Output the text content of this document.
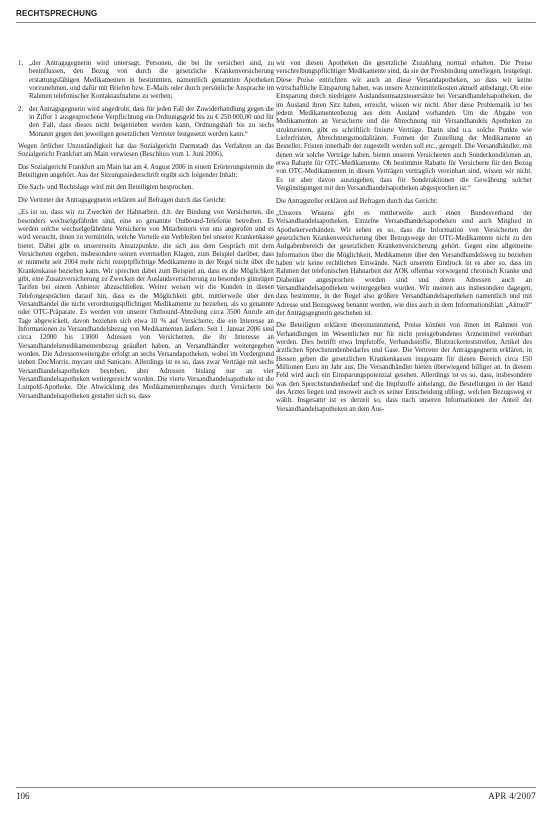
RECHTSPRECHUNG
1. „der Antragsgegnerin wird untersagt, Personen, die bei ihr versichert sind, zu beeinflussen, den Bezug von durch die gesetzliche Krankenversicherung erstattungsfähigen Medikamenten in bestimmten, namentlich genannten Apotheken vorzunehmen, und dafür mit Briefen bzw. E-Mails oder durch persönliche Ansprache im Rahmen telefonischer Kontaktaufnahme zu werben;
2. der Antragsgegnerin wird angedroht, dass für jeden Fall der Zuwiderhandlung gegen die in Ziffer 1 ausgesprochene Verpflichtung ein Ordnungsgeld bis zu € 250.000,00 und für den Fall, dass dieses nicht beigetrieben werden kann, Ordnungshaft bis zu sechs Monaten gegen den jeweiligen gesetzlichen Vertreter festgesetzt werden kann.“

Wegen örtlicher Unzuständigkeit hat das Sozialgericht Darmstadt das Verfahren an das Sozialgericht Frankfurt am Main verwiesen (Beschluss vom 1. Juni 2006).

Das Sozialgericht Frankfurt am Main hat am 4. August 2006 in einem Erörterungstermin die Beteiligten angehört. Aus der Sitzungsniederschrift ergibt sich folgender Inhalt:

Die Sach- und Rechtslage wird mit den Beteiligten besprochen.

Die Vertreter der Antragsgegnerin erklären auf Befragen durch das Gericht:

„Es ist so, dass wir zu Zwecken der Hahnarbeit, d.h. der Bindung von Versicherten, die besonders wechselgefährdet sind, eine so genannte Outbound-Telefonie betreiben. Es werden solche wechselgefährdete Versicherte von Mitarbeitern von uns angerufen und es wird versucht, ihnen zu vermitteln, welche Vorteile ein Verbleiben bei unserer Krankenkasse bietet. Dabei gibt es unsererseits Ansatzpunkte, die sich aus dem Gespräch mit dem Versicherten ergeben, insbesondere seinen eventuellen Klagen, zum Beispiel darüber, dass er nunmehr seit 2004 mehr nicht rezeptpflichtige Medikamente in der Regel nicht über die Krankenkasse beziehen kann. Wir sprechen dabei zum Beispiel an, dass es die Möglichkeit gibt, eine Zusatzversicherung zu Zwecken der Auslandsversicherung zu besonders günstigen Tarifen bei einem Anbieter abzuschließen. Weiter weisen wir die Kunden in diesen Telefongesprächen darauf hin, dass es die Möglichkeit gibt, mittlerweile über den Versandhandel die nicht verordnungspflichtigen Medikamente zu beziehen, als so genannte oder OTC-Präparate. Es werden von unserer Outbound-Abteilung circa 3500 Anrufe am Tage abgewickelt, davon beziehen sich etwa 10 % auf Versicherte, die ein Interesse an Informationen zu Versandhandelsbezug von Medikamenten äußern. Seit 1. Januar 2006 sind circa 12000 bis 13000 Adressen von Versicherten, die ihr Interesse an Versandhandelsmedikamentenbezug geäußert haben, an Versandhändler weitergegeben worden. Die Adressenweitergabe erfolgt an sechs Versandapotheken, wobei im Vordergrund stehen DocMorris, mycare und Sanicare. Allerdings ist es so, dass zwar Verträge mit sechs Versandhandelsapotheken bestehen, aber Adressen bislang nur an vier Versandhandelsapotheken weitergereicht worden. Die vierte Versandhandelsapotheke ist die Luitpold-Apotheke. Die Abwicklung des Medikamentenbezuges durch Versicherte bei Versandhandelsapotheken gestaltet sich so, dass

wir von diesen Apotheken die gesetzliche Zuzahlung normal erhalten. Die Preise verschreibungspflichtiger Medikamente sind, da sie der Preisbindung unterliegen, festgelegt. Diese Preise entrichten wir auch an diese Versandapotheken, so dass wir keine wirtschaftliche Einsparung haben, was unsere Arzneimittelkosten aktuell anbelangt. Ob eine Einsparung durch niedrigere Auslandsumsatzsteuersätze bei Versandhandelsapotheken, die im Ausland ihren Sitz haben, erreicht, wissen wir nicht. Aber diese Problematik ist bei jedem Medikamentenbezug aus dem Ausland vorhanden. Um die Abgabe von Medikamenten an Versicherte und die Abrechnung mit Versandhandels Apotheken zu strukturieren, gibt es schriftlich fixierte Verträge. Darin sind u.a. solche Punkte wie Lieferfristen, Abrechnungsmodalitäten, Formen der Zustellung der Medikamente an Besteller, Fristen innerhalb der zugestellt werden soll etc., geregelt. Die Versandhändler, mit denen wir solche Verträge haben, bieten unseren Versicherten auch Sonderkonditionen an, etwa Rabatte für OTC-Medikamente. Ob bestimmte Rabatte für Versicherte für den Bezug von OTC-Medikamenten in diesen Verträgen vertraglich vereinbart sind, wissen wir nicht. Es ist aber davon auszugehen, dass für Sonderaktionen die Gewährung solcher Vergünstigungen mit den Versandhandelsapotheken abgesprochen ist.“

Die Antragsteller erklären auf Befragen durch das Gericht:

„Unseres Wissens gibt es mittlerweile auch einen Bundesverband der Versandhandelsapotheken. Einzelne Versandhandelsapotheken sind auch Mitglied in Apothekerverbänden. Wir sehen es so, dass die Information von Versicherten der gesetzlichen Krankenversicherung über Bezugswege der OTC-Medikamente nicht zu den Aufgabenbereich der gesetzlichen Krankenversicherung gehört. Gegen eine allgemeine Information über die Möglichkeit, Medikamente über den Versandhandelsweg zu beziehen haben wir keine rechtlichen Einwände. Nach unserem Eindruck ist es aber so, dass im Rahmen der telefonischen Hahnarbeit der AOK offenbar vorwiegend chronisch Kranke und Diabetiker angesprochen worden sind und deren Adressen auch an Versandhandelsapotheken weitergegeben wurden. Wir meinen aus insbesondere dagegen, dass bestimmte, in der Regel also größere Versandhandelsapotheken namentlich und mit Adresse und Bezugsweg benannt werden, wie dies auch in dem Informationsblatt „Aktuell“ der Antragsgegnerin geschehen ist.

Die Beteiligten erklären übereinstimmend, Preise können von ihnen im Rahmen von Verhandlungen im Wesentlichen nur für nicht preisgebundenes Arzneimittel vereinbart werden. Dies betrifft etwa Impfstoffe, Verbandsstoffe, Blutzuckerteststreifen, Artikel des ärztlichen Sprechstundenbedarfes und Gase. Die Vertreter der Antragsgegnerin erklären, in Hessen geben die gesetzlichen Krankenkassen insgesamt für diesen Bereich circa 150 Millionen Euro im Jahr aus. Die Versandhändler bieten überwiegend billiger an. In diesem Feld wird auch ein Einsparungspotenzial gesehen. Allerdings ist es so, dass, insbesondere was den Sprechstundenbedarf und die Impfstoffe anbelangt, die Bestellungen in der Hand des Arztes liegen und insoweit auch es seiner Entscheidung obliegt, welchen Bezugsweg er wählt. Insgesamt ist es derzeit so, dass nach unseren Informationen der Anteil der Versandhandelsapotheken an dem Aus-

106	APR 4/2007
